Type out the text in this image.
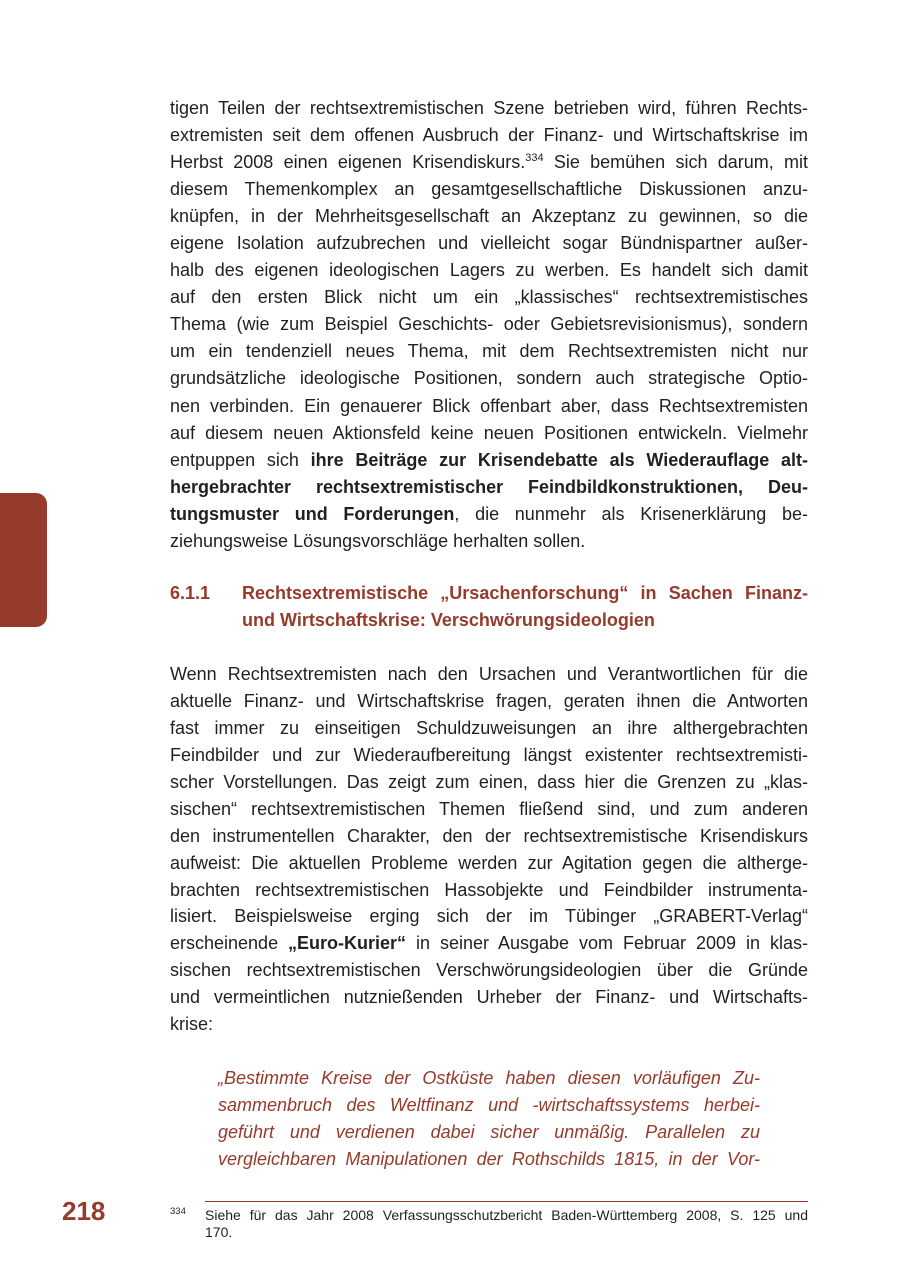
tigen Teilen der rechtsextremistischen Szene betrieben wird, führen Rechts-
extremisten seit dem offenen Ausbruch der Finanz- und Wirtschaftskrise im
Herbst 2008 einen eigenen Krisendiskurs.$^{334}$ Sie bemühen sich darum, mit
diesem Themenkomplex an gesamtgesellschaftliche Diskussionen anzu-
knüpfen, in der Mehrheitsgesellschaft an Akzeptanz zu gewinnen, so die
eigene Isolation aufzubrechen und vielleicht sogar Bündnispartner außer-
halb des eigenen ideologischen Lagers zu werben. Es handelt sich damit
auf den ersten Blick nicht um ein „klassisches“ rechtsextremistisches
Thema (wie zum Beispiel Geschichts- oder Gebietsrevisionismus), sondern
um ein tendenziell neues Thema, mit dem Rechtsextremisten nicht nur
grundsätzliche ideologische Positionen, sondern auch strategische Optio-
nen verbinden. Ein genauerer Blick offenbart aber, dass Rechtsextremisten
auf diesem neuen Aktionsfeld keine neuen Positionen entwickeln. Vielmehr
entpuppen sich ihre Beiträge zur Krisendebatte als Wiederauflage alt-
hergebrachter rechtsextremistischer Feindbildkonstruktionen, Deu-
tungsmuster und Forderungen, die nunmehr als Krisenerklärung be-
ziehungsweise Lösungsvorschläge herhalten sollen.
6.1.1 Rechtsextremistische „Ursachenforschung“ in Sachen Finanz-
und Wirtschaftskrise: Verschwörungsideologien
Wenn Rechtsextremisten nach den Ursachen und Verantwortlichen für die
aktuelle Finanz- und Wirtschaftskrise fragen, geraten ihnen die Antworten
fast immer zu einseitigen Schuldzuweisungen an ihre althergebrachten
Feindbilder und zur Wiederaufbereitung längst existenter rechtsextremisti-
scher Vorstellungen. Das zeigt zum einen, dass hier die Grenzen zu „klas-
sischen“ rechtsextremistischen Themen fließend sind, und zum anderen
den instrumentellen Charakter, den der rechtsextremistische Krisendiskurs
aufweist: Die aktuellen Probleme werden zur Agitation gegen die altherge-
brachten rechtsextremistischen Hassobjekte und Feindbilder instrumenta-
lisiert. Beispielsweise erging sich der im Tübinger „GRABERT-Verlag“
erscheinende „Euro-Kurier“ in seiner Ausgabe vom Februar 2009 in klas-
sischen rechtsextremistischen Verschwörungsideologien über die Gründe
und vermeintlichen nutznießenden Urheber der Finanz- und Wirtschafts-
krise:
„Bestimmte Kreise der Ostküste haben diesen vorläufigen Zu-
sammenbruch des Weltfinanz und -wirtschaftssystems herbei-
geführt und verdienen dabei sicher unmäßig. Parallelen zu
vergleichbaren Manipulationen der Rothschilds 1815, in der Vor-
218	334 Siehe für das Jahr 2008 Verfassungsschutzbericht Baden-Württemberg 2008, S. 125 und
170.
